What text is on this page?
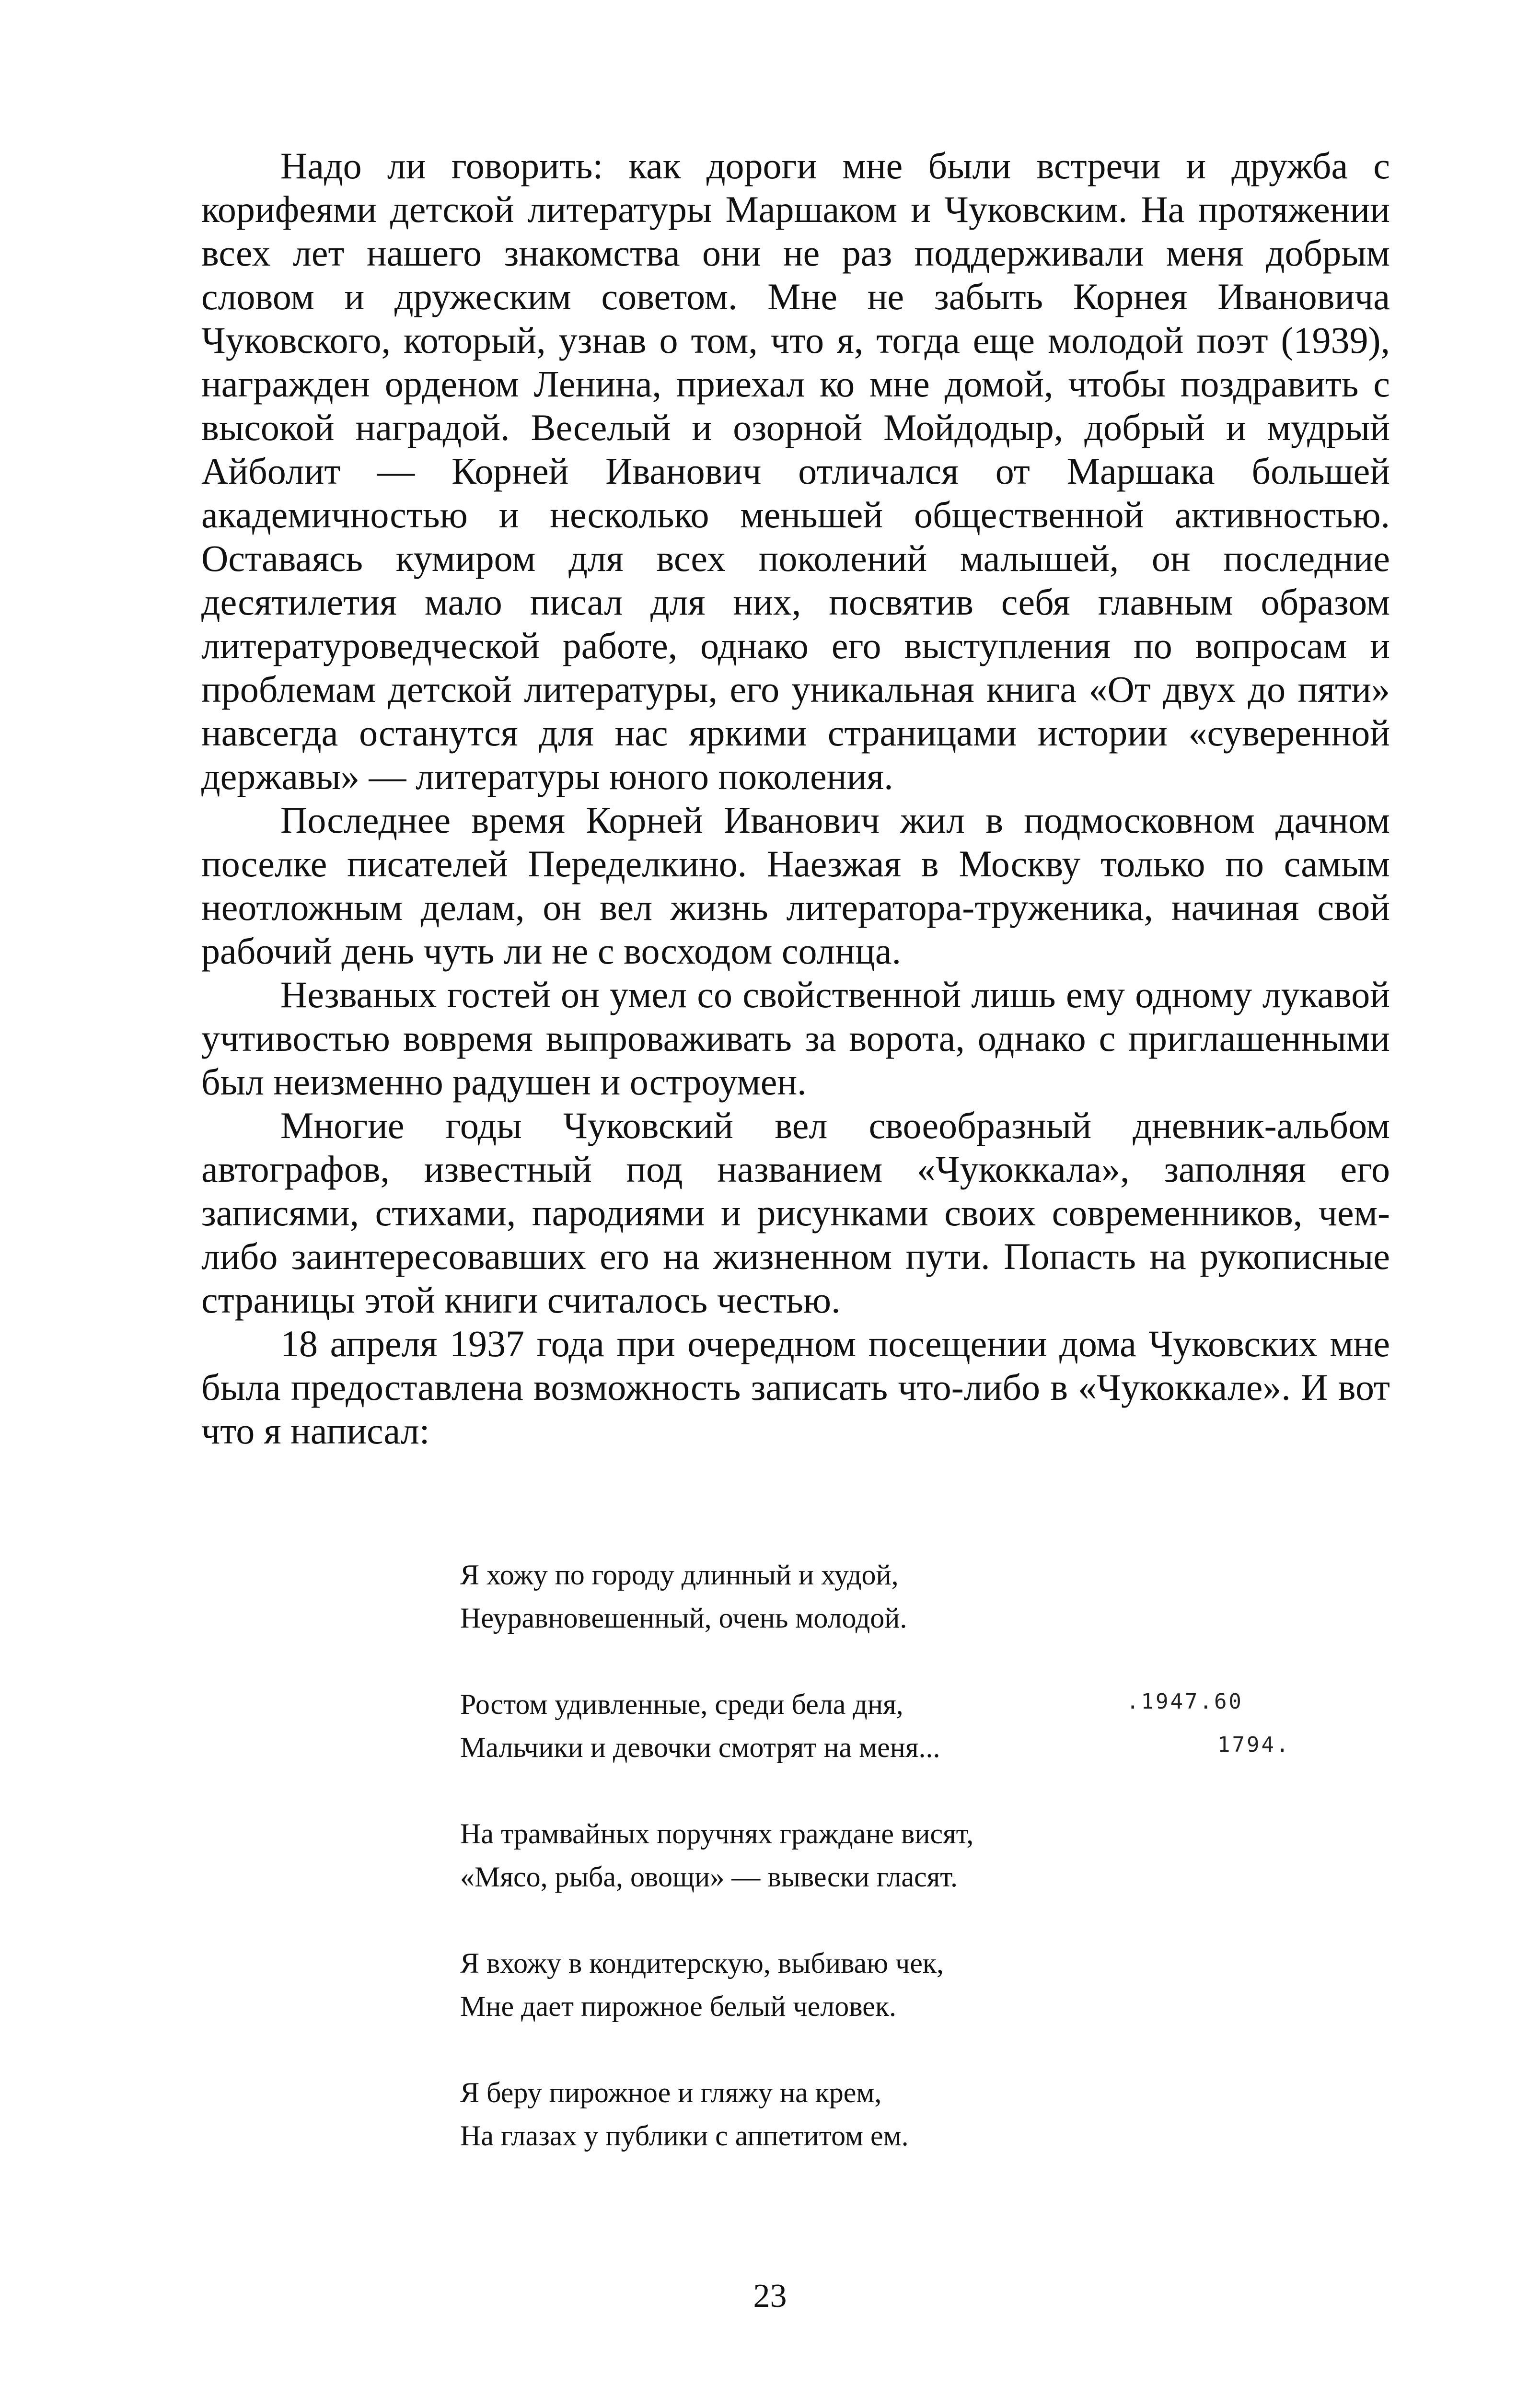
Надо ли говорить: как дороги мне были встречи и дружба с корифеями детской литературы Маршаком и Чуковским. На протяжении всех лет нашего знакомства они не раз поддерживали меня добрым словом и дружеским советом. Мне не забыть Корнея Ивановича Чуковского, который, узнав о том, что я, тогда еще молодой поэт (1939), награжден орденом Ленина, приехал ко мне домой, чтобы поздравить с высокой наградой. Веселый и озорной Мойдодыр, добрый и мудрый Айболит — Корней Иванович отличался от Маршака большей академичностью и несколько меньшей общественной активностью. Оставаясь кумиром для всех поколений малышей, он последние десятилетия мало писал для них, посвятив себя главным образом литературоведческой работе, однако его выступления по вопросам и проблемам детской литературы, его уникальная книга «От двух до пяти» навсегда останутся для нас яркими страницами истории «суверенной державы» — литературы юного поколения.

Последнее время Корней Иванович жил в подмосковном дачном поселке писателей Переделкино. Наезжая в Москву только по самым неотложным делам, он вел жизнь литератора-труженика, начиная свой рабочий день чуть ли не с восходом солнца.

Незваных гостей он умел со свойственной лишь ему одному лукавой учтивостью вовремя выпроваживать за ворота, однако с приглашенными был неизменно радушен и остроумен.

Многие годы Чуковский вел своеобразный дневник-альбом автографов, известный под названием «Чукоккала», заполняя его записями, стихами, пародиями и рисунками своих современников, чем-либо заинтересовавших его на жизненном пути. Попасть на рукописные страницы этой книги считалось честью.

18 апреля 1937 года при очередном посещении дома Чуковских мне была предоставлена возможность записать что-либо в «Чукоккале». И вот что я написал:

Я хожу по городу длинный и худой,
Неуравновешенный, очень молодой.
Ростом удивленные, среди бела дня,
Мальчики и девочки смотрят на меня...
На трамвайных поручнях граждане висят,
«Мясо, рыба, овощи» — вывески гласят.
Я вхожу в кондитерскую, выбиваю чек,
Мне дает пирожное белый человек.
Я беру пирожное и гляжу на крем,
На глазах у публики с аппетитом ем.
.1947.60
1794.
23
